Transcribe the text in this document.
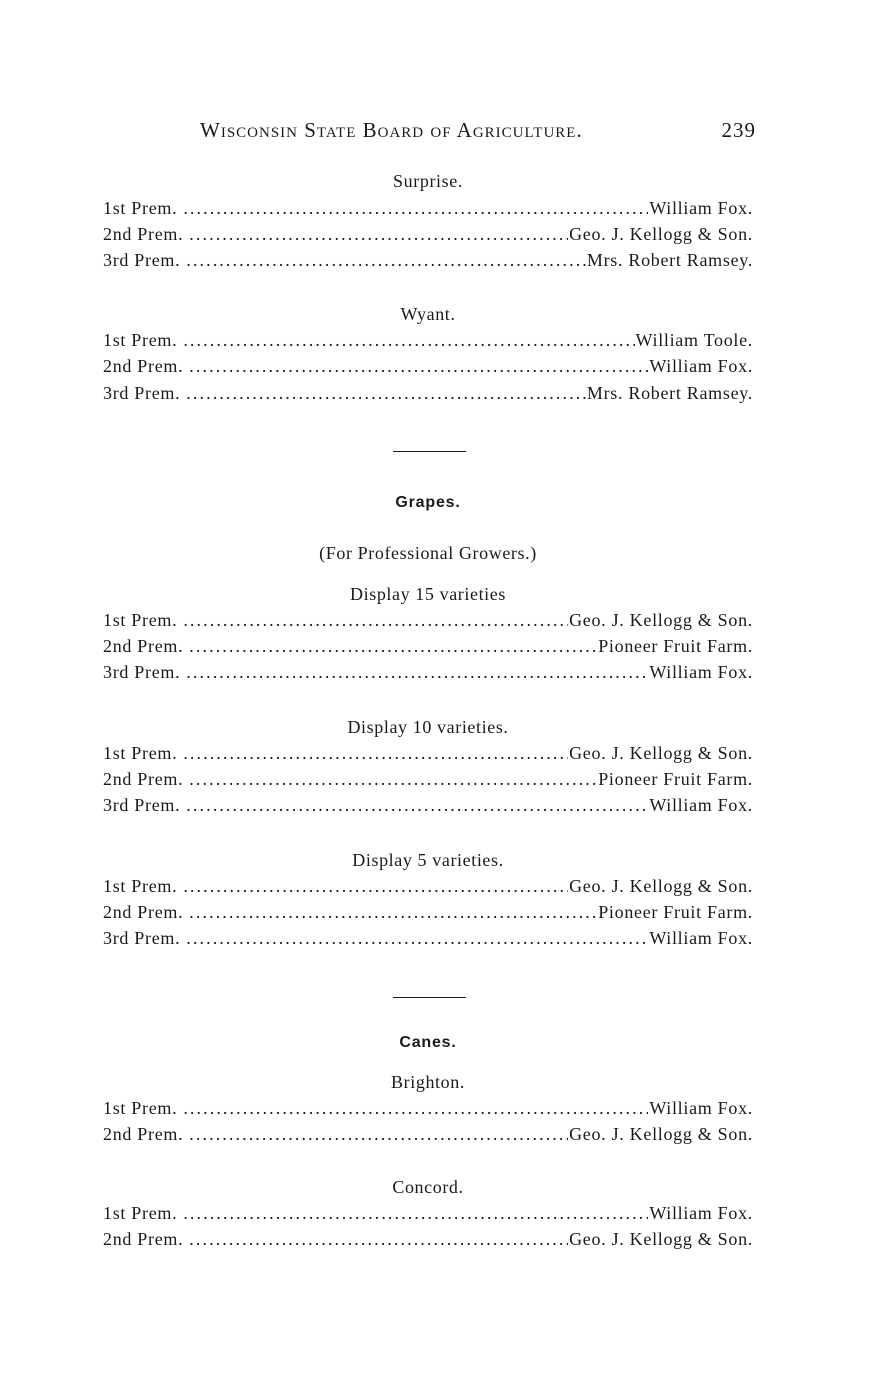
Wisconsin State Board of Agriculture.	239
Surprise.
1st Prem. . . .	William Fox.
2nd Prem. . . .	Geo. J. Kellogg & Son.
3rd Prem. . . .	Mrs. Robert Ramsey.
Wyant.
1st Prem. . . .	William Toole.
2nd Prem. . . .	William Fox.
3rd Prem. . . .	Mrs. Robert Ramsey.
Grapes.
(For Professional Growers.)
Display 15 varieties
1st Prem. . . .	Geo. J. Kellogg & Son.
2nd Prem. . . .	Pioneer Fruit Farm.
3rd Prem. . . .	William Fox.
Display 10 varieties.
1st Prem. . . .	Geo. J. Kellogg & Son.
2nd Prem. . . .	Pioneer Fruit Farm.
3rd Prem. . . .	William Fox.
Display 5 varieties.
1st Prem. . . .	Geo. J. Kellogg & Son.
2nd Prem. . . .	Pioneer Fruit Farm.
3rd Prem. . . .	William Fox.
Canes.
Brighton.
1st Prem. . . .	William Fox.
2nd Prem. . . .	Geo. J. Kellogg & Son.
Concord.
1st Prem. . . .	William Fox.
2nd Prem. . . .	Geo. J. Kellogg & Son.
